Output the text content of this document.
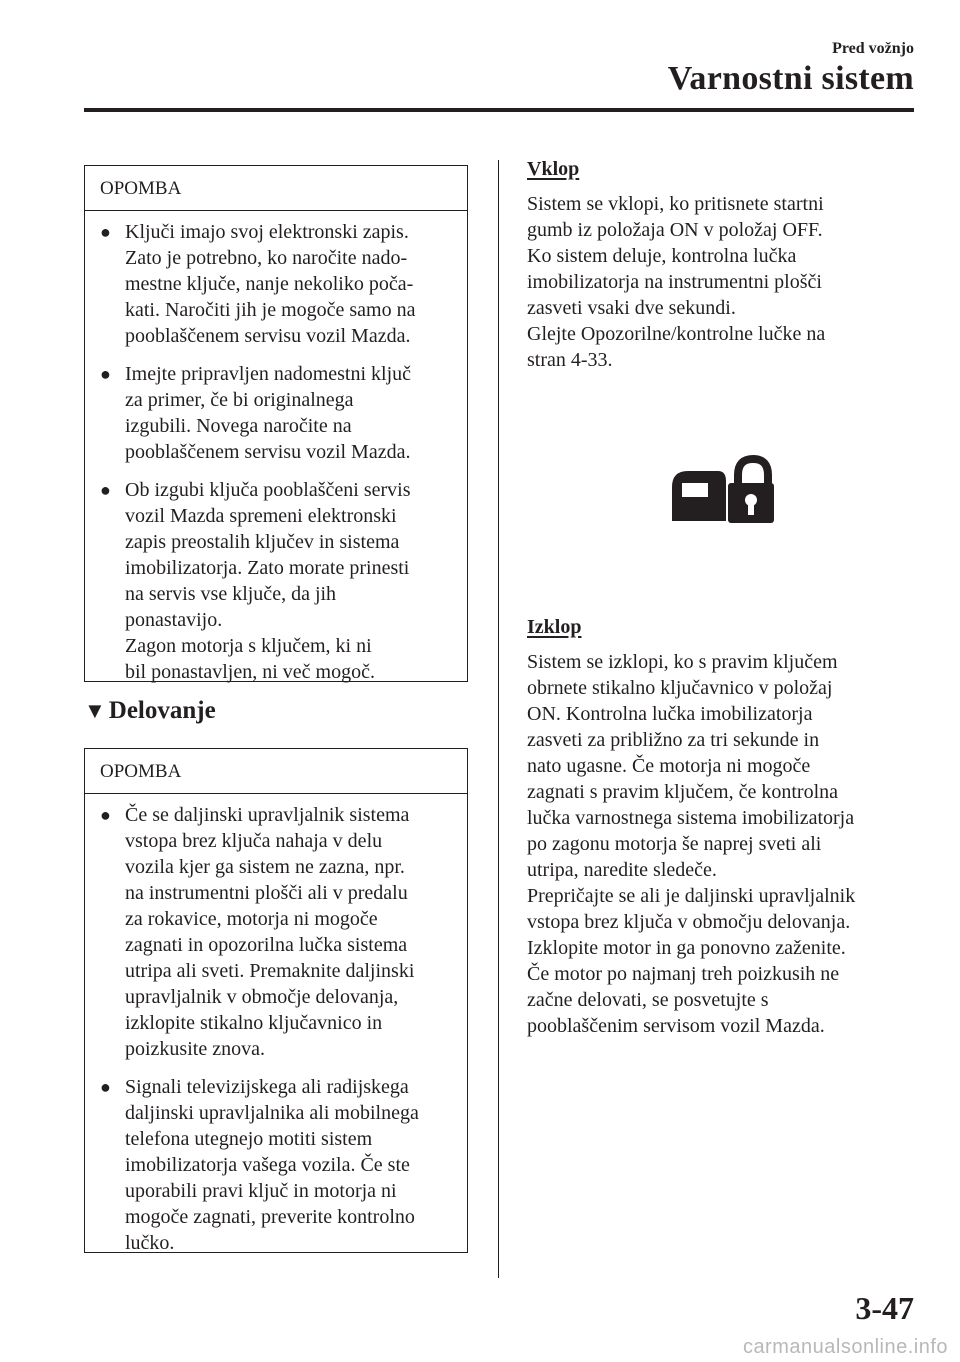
Pred vožnjo
Varnostni sistem
OPOMBA
● Ključi imajo svoj elektronski zapis.
Zato je potrebno, ko naročite nado-
mestne ključe, nanje nekoliko poča-
kati. Naročiti jih je mogoče samo na
pooblaščenem servisu vozil Mazda.
● Imejte pripravljen nadomestni ključ
za primer, če bi originalnega
izgubili. Novega naročite na
pooblaščenem servisu vozil Mazda.
● Ob izgubi ključa pooblaščeni servis
vozil Mazda spremeni elektronski
zapis preostalih ključev in sistema
imobilizatorja. Zato morate prinesti
na servis vse ključe, da jih
ponastavijo.
Zagon motorja s ključem, ki ni
bil ponastavljen, ni več mogoč.
▼ Delovanje
OPOMBA
● Če se daljinski upravljalnik sistema
vstopa brez ključa nahaja v delu
vozila kjer ga sistem ne zazna, npr.
na instrumentni plošči ali v predalu
za rokavice, motorja ni mogoče
zagnati in opozorilna lučka sistema
utripa ali sveti. Premaknite daljinski
upravljalnik v območje delovanja,
izklopite stikalno ključavnico in
poizkusite znova.
● Signali televizijskega ali radijskega
daljinski upravljalnika ali mobilnega
telefona utegnejo motiti sistem
imobilizatorja vašega vozila. Če ste
uporabili pravi ključ in motorja ni
mogoče zagnati, preverite kontrolno
lučko.
Vklop
Sistem se vklopi, ko pritisnete startni
gumb iz položaja ON v položaj OFF.
Ko sistem deluje, kontrolna lučka
imobilizatorja na instrumentni plošči
zasveti vsaki dve sekundi.
Glejte Opozorilne/kontrolne lučke na
stran 4-33.
Izklop
Sistem se izklopi, ko s pravim ključem
obrnete stikalno ključavnico v položaj
ON. Kontrolna lučka imobilizatorja
zasveti za približno za tri sekunde in
nato ugasne. Če motorja ni mogoče
zagnati s pravim ključem, če kontrolna
lučka varnostnega sistema imobilizatorja
po zagonu motorja še naprej sveti ali
utripa, naredite sledeče.
Prepričajte se ali je daljinski upravljalnik
vstopa brez ključa v območju delovanja.
Izklopite motor in ga ponovno zaženite.
Če motor po najmanj treh poizkusih ne
začne delovati, se posvetujte s
pooblaščenim servisom vozil Mazda.
3-47
carmanualsonline.info
